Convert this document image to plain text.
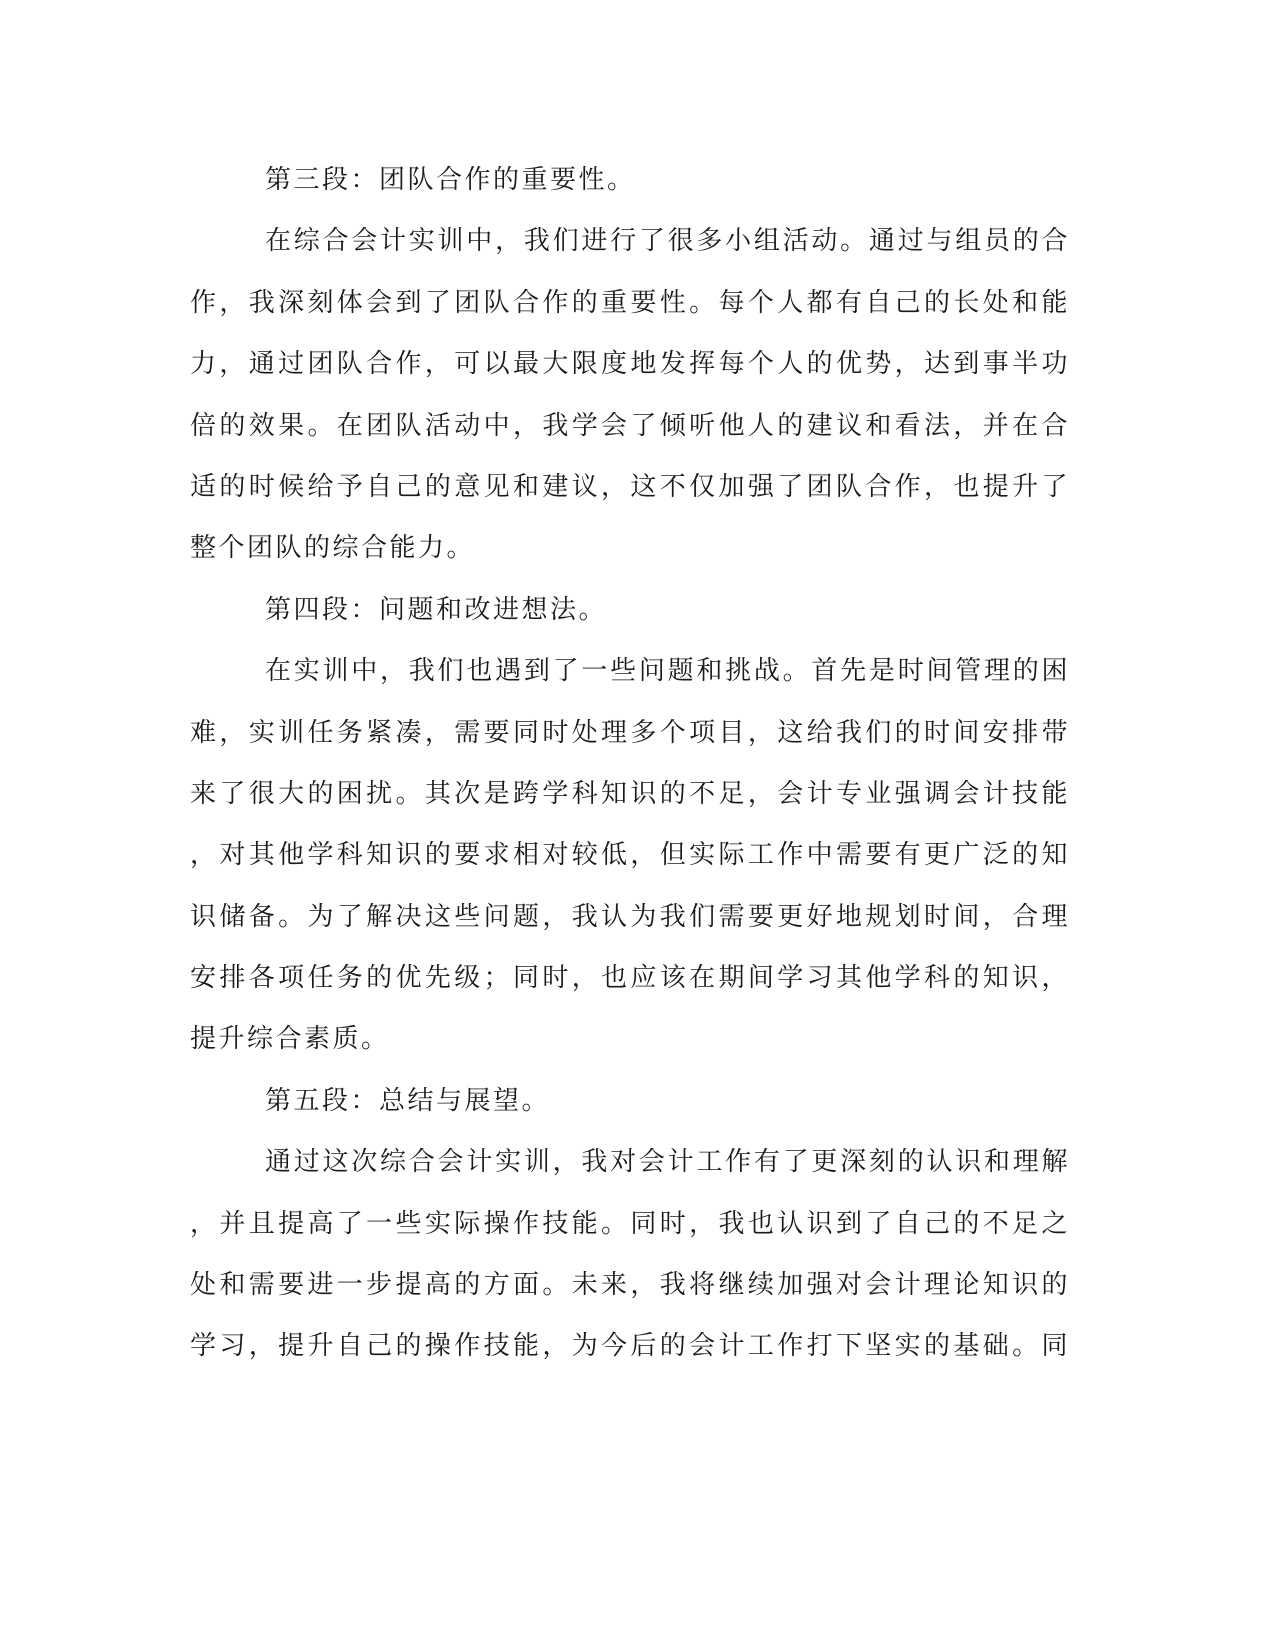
第三段：团队合作的重要性。
在综合会计实训中，我们进行了很多小组活动。通过与组员的合
作，我深刻体会到了团队合作的重要性。每个人都有自己的长处和能
力，通过团队合作，可以最大限度地发挥每个人的优势，达到事半功
倍的效果。在团队活动中，我学会了倾听他人的建议和看法，并在合
适的时候给予自己的意见和建议，这不仅加强了团队合作，也提升了
整个团队的综合能力。
第四段：问题和改进想法。
在实训中，我们也遇到了一些问题和挑战。首先是时间管理的困
难，实训任务紧凑，需要同时处理多个项目，这给我们的时间安排带
来了很大的困扰。其次是跨学科知识的不足，会计专业强调会计技能
，对其他学科知识的要求相对较低，但实际工作中需要有更广泛的知
识储备。为了解决这些问题，我认为我们需要更好地规划时间，合理
安排各项任务的优先级；同时，也应该在期间学习其他学科的知识，
提升综合素质。
第五段：总结与展望。
通过这次综合会计实训，我对会计工作有了更深刻的认识和理解
，并且提高了一些实际操作技能。同时，我也认识到了自己的不足之
处和需要进一步提高的方面。未来，我将继续加强对会计理论知识的
学习，提升自己的操作技能，为今后的会计工作打下坚实的基础。同
